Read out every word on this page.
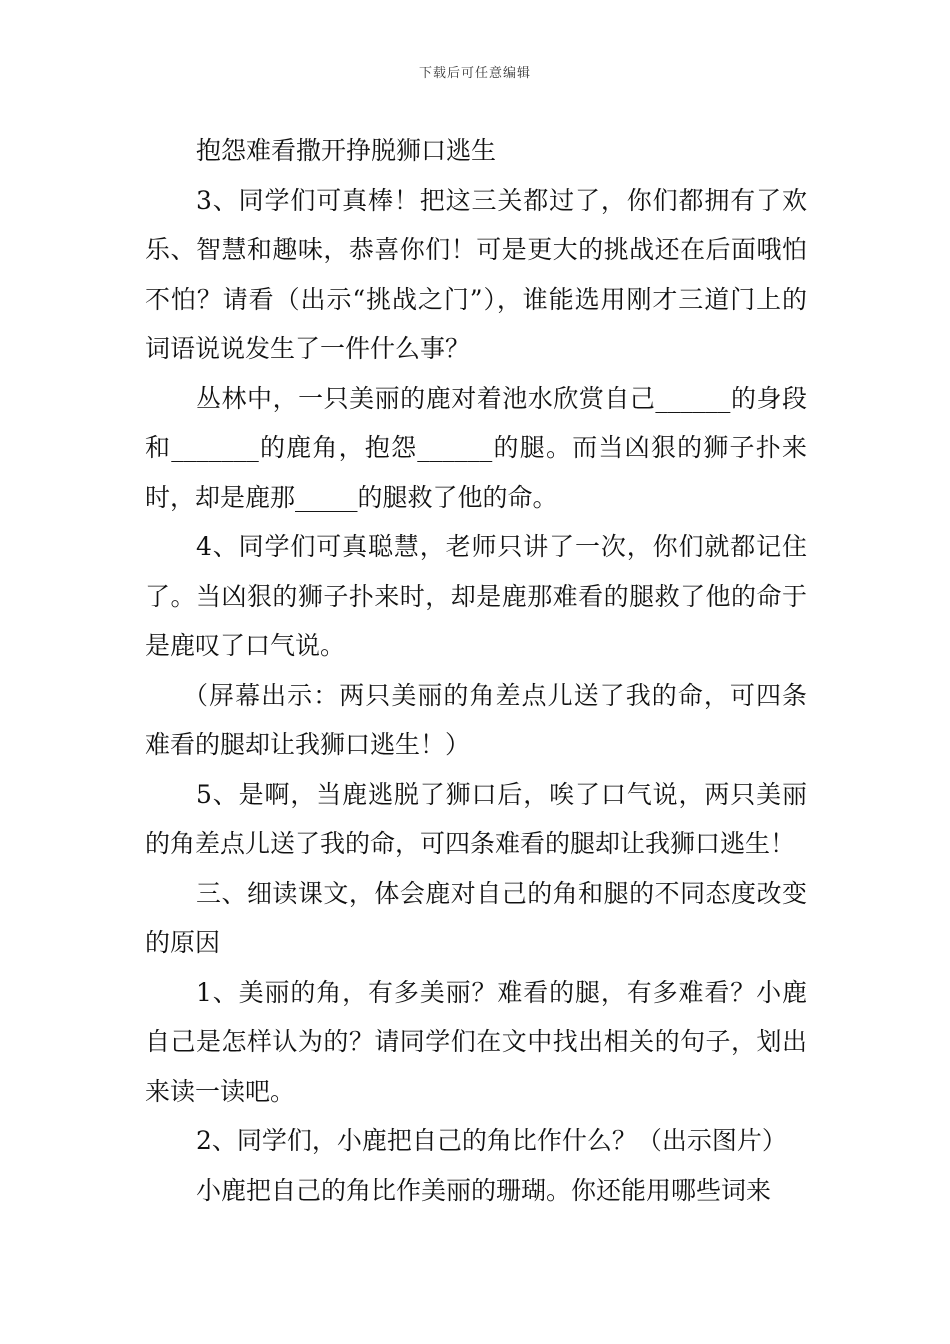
下载后可任意编辑

抱怨难看撒开挣脱狮口逃生

3、同学们可真棒！把这三关都过了，你们都拥有了欢乐、智慧和趣味，恭喜你们！可是更大的挑战还在后面哦怕不怕？请看（出示“挑战之门”），谁能选用刚才三道门上的词语说说发生了一件什么事？

丛林中，一只美丽的鹿对着池水欣赏自己______的身段和_______的鹿角，抱怨______的腿。而当凶狠的狮子扑来时，却是鹿那_____的腿救了他的命。

4、同学们可真聪慧，老师只讲了一次，你们就都记住了。当凶狠的狮子扑来时，却是鹿那难看的腿救了他的命于是鹿叹了口气说。

（屏幕出示：两只美丽的角差点儿送了我的命，可四条难看的腿却让我狮口逃生！）

5、是啊，当鹿逃脱了狮口后，唉了口气说，两只美丽的角差点儿送了我的命，可四条难看的腿却让我狮口逃生！

三、细读课文，体会鹿对自己的角和腿的不同态度改变的原因

1、美丽的角，有多美丽？难看的腿，有多难看？小鹿自己是怎样认为的？请同学们在文中找出相关的句子，划出来读一读吧。

2、同学们，小鹿把自己的角比作什么？（出示图片）

小鹿把自己的角比作美丽的珊瑚。你还能用哪些词来
